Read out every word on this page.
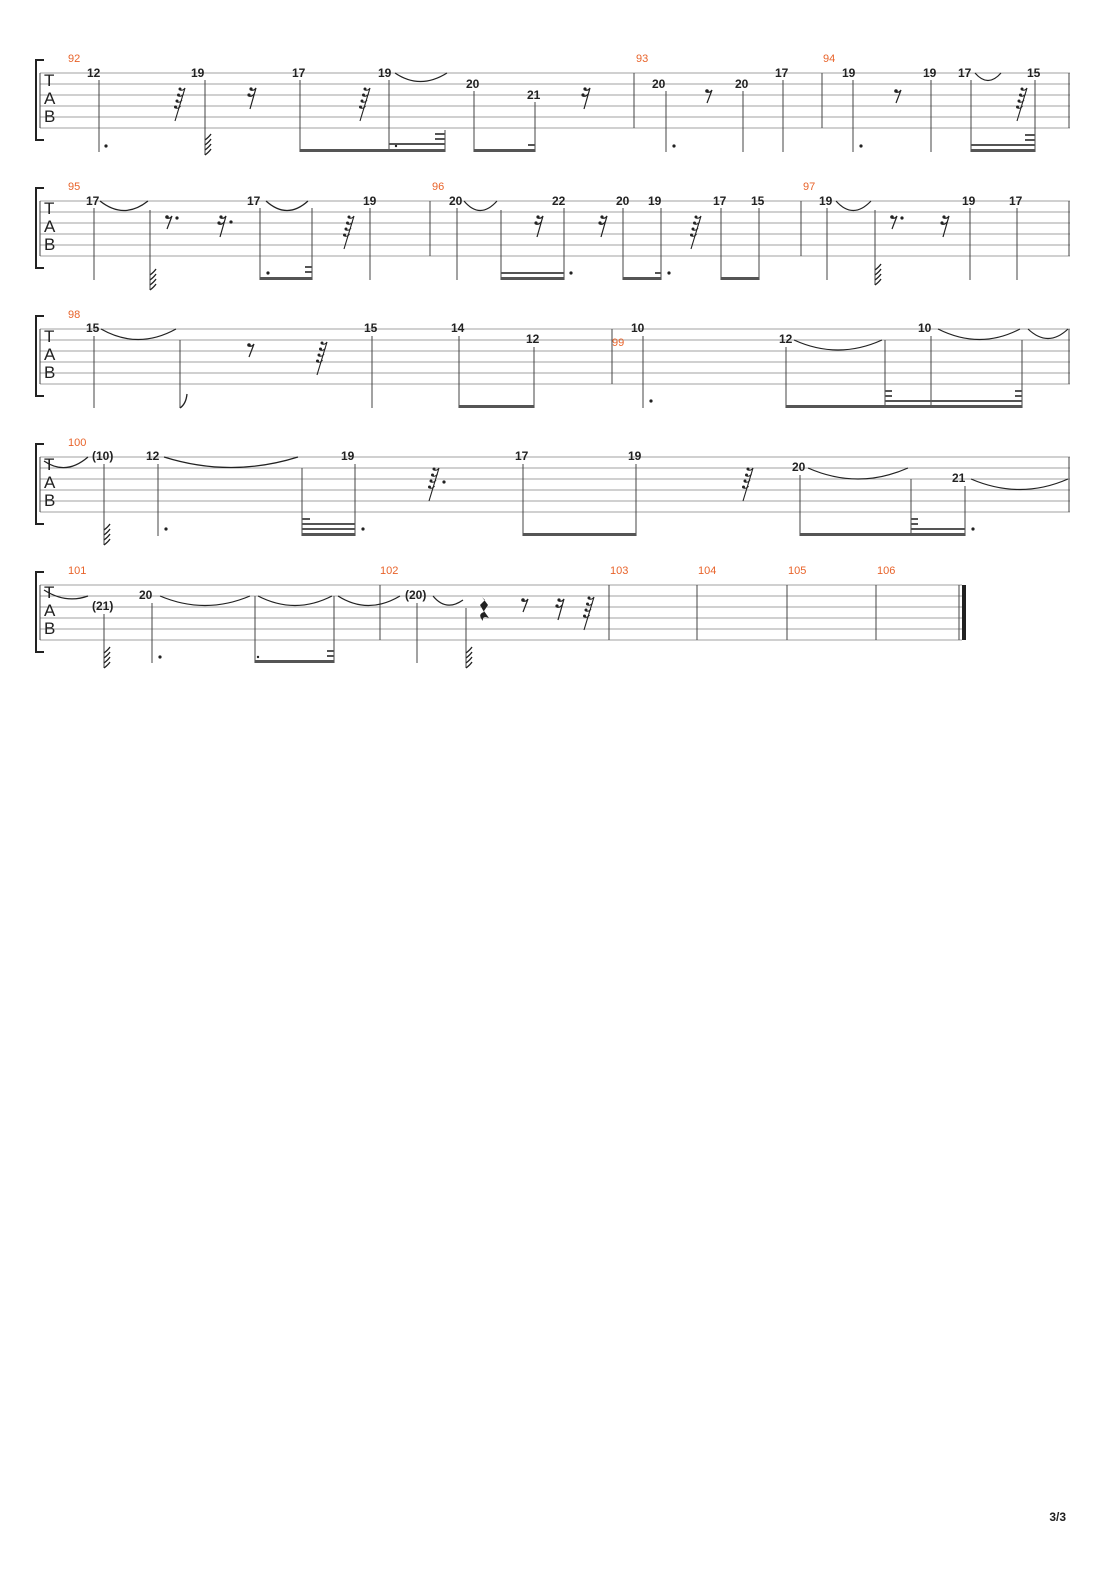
T
A
B
92	93	94
12	19	17	19
20
21
20	20
17	19	19 17	15
T
A
B
95	96	97
17	17	19	20	22	20 19	17 15	19	19	17
T
A
B
98
99
15	15	14
12
10
12
10
T
A
B
100
(10)	12	19	17	19
20
21
T
A
B
101	102	103	104	105	106
(21)
20	(20)
3/3
